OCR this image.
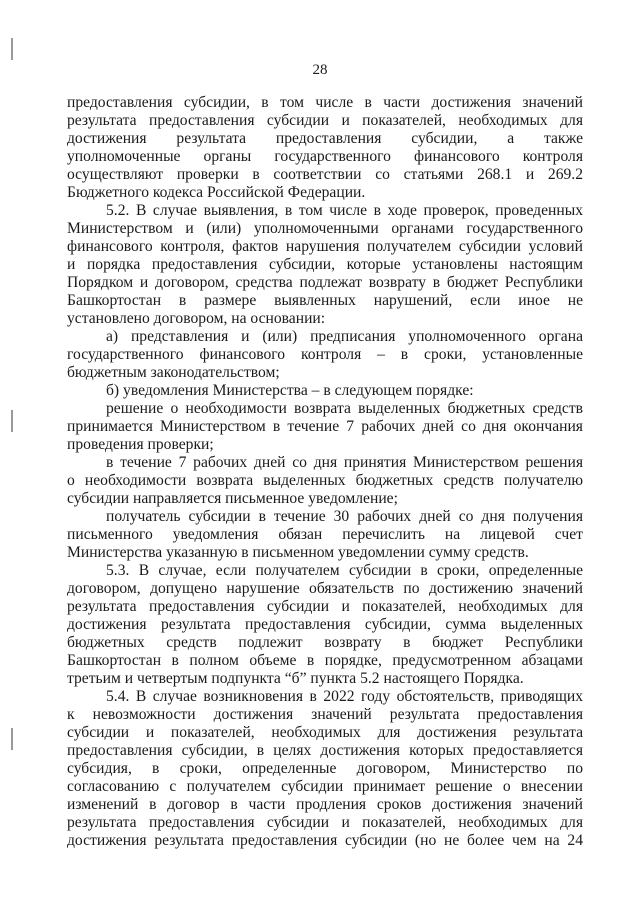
28
предоставления субсидии, в том числе в части достижения значений
результата предоставления субсидии и показателей, необходимых для
достижения результата предоставления субсидии, а также
уполномоченные органы государственного финансового контроля
осуществляют проверки в соответствии со статьями 268.1 и 269.2
Бюджетного кодекса Российской Федерации.
5.2. В случае выявления, в том числе в ходе проверок, проведенных
Министерством и (или) уполномоченными органами государственного
финансового контроля, фактов нарушения получателем субсидии условий
и порядка предоставления субсидии, которые установлены настоящим
Порядком и договором, средства подлежат возврату в бюджет Республики
Башкортостан в размере выявленных нарушений, если иное не
установлено договором, на основании:
а) представления и (или) предписания уполномоченного органа
государственного финансового контроля – в сроки, установленные
бюджетным законодательством;
б) уведомления Министерства – в следующем порядке:
решение о необходимости возврата выделенных бюджетных средств
принимается Министерством в течение 7 рабочих дней со дня окончания
проведения проверки;
в течение 7 рабочих дней со дня принятия Министерством решения
о необходимости возврата выделенных бюджетных средств получателю
субсидии направляется письменное уведомление;
получатель субсидии в течение 30 рабочих дней со дня получения
письменного уведомления обязан перечислить на лицевой счет
Министерства указанную в письменном уведомлении сумму средств.
5.3. В случае, если получателем субсидии в сроки, определенные
договором, допущено нарушение обязательств по достижению значений
результата предоставления субсидии и показателей, необходимых для
достижения результата предоставления субсидии, сумма выделенных
бюджетных средств подлежит возврату в бюджет Республики
Башкортостан в полном объеме в порядке, предусмотренном абзацами
третьим и четвертым подпункта “б” пункта 5.2 настоящего Порядка.
5.4. В случае возникновения в 2022 году обстоятельств, приводящих
к невозможности достижения значений результата предоставления
субсидии и показателей, необходимых для достижения результата
предоставления субсидии, в целях достижения которых предоставляется
субсидия, в сроки, определенные договором, Министерство по
согласованию с получателем субсидии принимает решение о внесении
изменений в договор в части продления сроков достижения значений
результата предоставления субсидии и показателей, необходимых для
достижения результата предоставления субсидии (но не более чем на 24
